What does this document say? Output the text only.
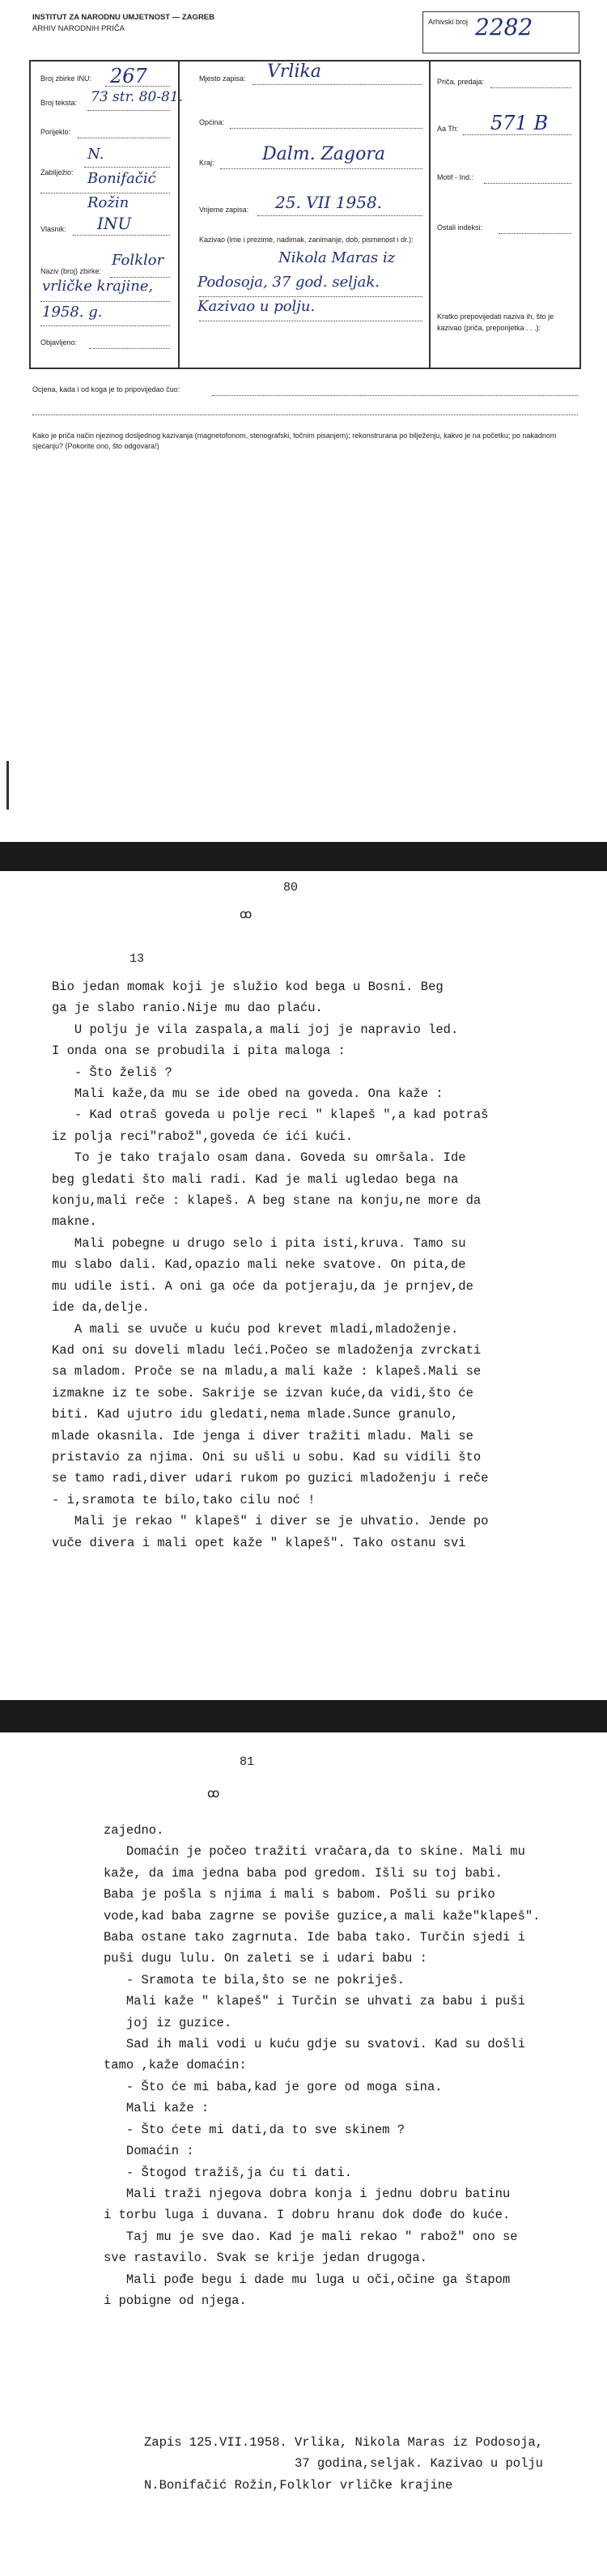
INSTITUT ZA NARODNU UMJETNOST — ZAGREB
ARHIV NARODNIH PRIČA
Arhivski broj 2282
Broj zbirke INU: 267
Broj teksta: 73 str. 80-81.
Porijeklo:
Zabilježio:
N. Bonifačić Rožin
Vlasnik: INU
Naziv (broj) zbirke:
Folklor vrličke krajine, 1958. g.
Objavljeno:
Mjesto zapisa: Vrlika
Općina:
Kraj:	Dalm. Zagora
Vrijeme zapisa: 25. VII 1958.
Kazivao (ime i prezime, nadimak, zanimanje, dob, pismenost i dr.):
Nikola Maras iz Podosoja, 37 god. seljak. Kazivao u polju.
Priča, predaja:
Aa Th: 571 B
Motif - Ind.:
Ostali indeksi:
Kratko prepovijedati naziva ih, što je kazivao (priča, preporijetka . . .):
Ocjena, kada i od koga je to pripovijedao čuo:
Kako je priča način njezinog dosljednog kazivanja (magnetofonom, stenografski, točnim pisanjem); rekonstrurana po bilježenju, kakvo je na početku; po nakadnom sjećanju? (Pokorite ono, što odgovara!)
80
ꚙ
13

Bio jedan momak koji je služio kod bega u Bosni. Beg

ga je slabo ranio.Nije mu dao plaću.

U polju je vila zaspala,a mali joj je napravio led.

I onda ona se probudila i pita maloga :

- Što želiš ?

Mali kaže,da mu se ide obed na goveda. Ona kaže :

- Kad otraš goveda u polje reci " klapeš ",a kad potraš

iz polja reci"rabož",goveda će ići kući.

To je tako trajalo osam dana. Goveda su omršala. Ide

beg gledati što mali radi. Kad je mali ugledao bega na

konju,mali reče : klapeš. A beg stane na konju,ne more da

makne.

Mali pobegne u drugo selo i pita isti,kruva. Tamo su

mu slabo dali. Kad,opazio mali neke svatove. On pita,de

mu udile isti. A oni ga oće da potjeraju,da je prnjev,de

ide da,delje.

A mali se uvuče u kuću pod krevet mladi,mladoženje.

Kad oni su doveli mladu leći.Počeo se mladoženja zvrckati

sa mladom. Proče se na mladu,a mali kaže : klapeš.Mali se

izmakne iz te sobe. Sakrije se izvan kuće,da vidi,što će

biti. Kad ujutro idu gledati,nema mlade.Sunce granulo,

mlade okasnila. Ide jenga i diver tražiti mladu. Mali se

pristavio za njima. Oni su ušli u sobu. Kad su vidili što

se tamo radi,diver udari rukom po guzici mladoženju i reče

- i,sramota te bilo,tako cilu noć !

Mali je rekao " klapeš" i diver se je uhvatio. Jende po

vuče divera i mali opet kaže " klapeš". Tako ostanu svi

81
ꚙ

zajedno.

Domaćin je počeo tražiti vračara,da to skine. Mali mu

kaže, da ima jedna baba pod gredom. Išli su toj babi.

Baba je pošla s njima i mali s babom. Pošli su priko

vode,kad baba zagrne se poviše guzice,a mali kaže"klapeš".

Baba ostane tako zagrnuta. Ide baba tako. Turčin sjedi i

puši dugu lulu. On zaleti se i udari babu :

- Sramota te bila,što se ne pokriješ.

Mali kaže " klapeš" i Turčin se uhvati za babu i puši

joj iz guzice.

Sad ih mali vodi u kuću gdje su svatovi. Kad su došli

tamo ,kaže domaćin:

- Što će mi baba,kad je gore od moga sina.

Mali kaže :

- Što ćete mi dati,da to sve skinem ?

Domaćin :

- Štogod tražiš,ja ću ti dati.

Mali traži njegova dobra konja i jednu dobru batinu

i torbu luga i duvana. I dobru hranu dok dođe do kuće.

Taj mu je sve dao. Kad je mali rekao " rabož" ono se

sve rastavilo. Svak se krije jedan drugoga.

Mali pođe begu i dade mu luga u oči,očine ga štapom

i pobigne od njega.

Zapis 125.VII.1958. Vrlika, Nikola Maras iz Podosoja,

37 godina,seljak. Kazivao u polju

N.Bonifačić Rožin,Folklor vrličke krajine
